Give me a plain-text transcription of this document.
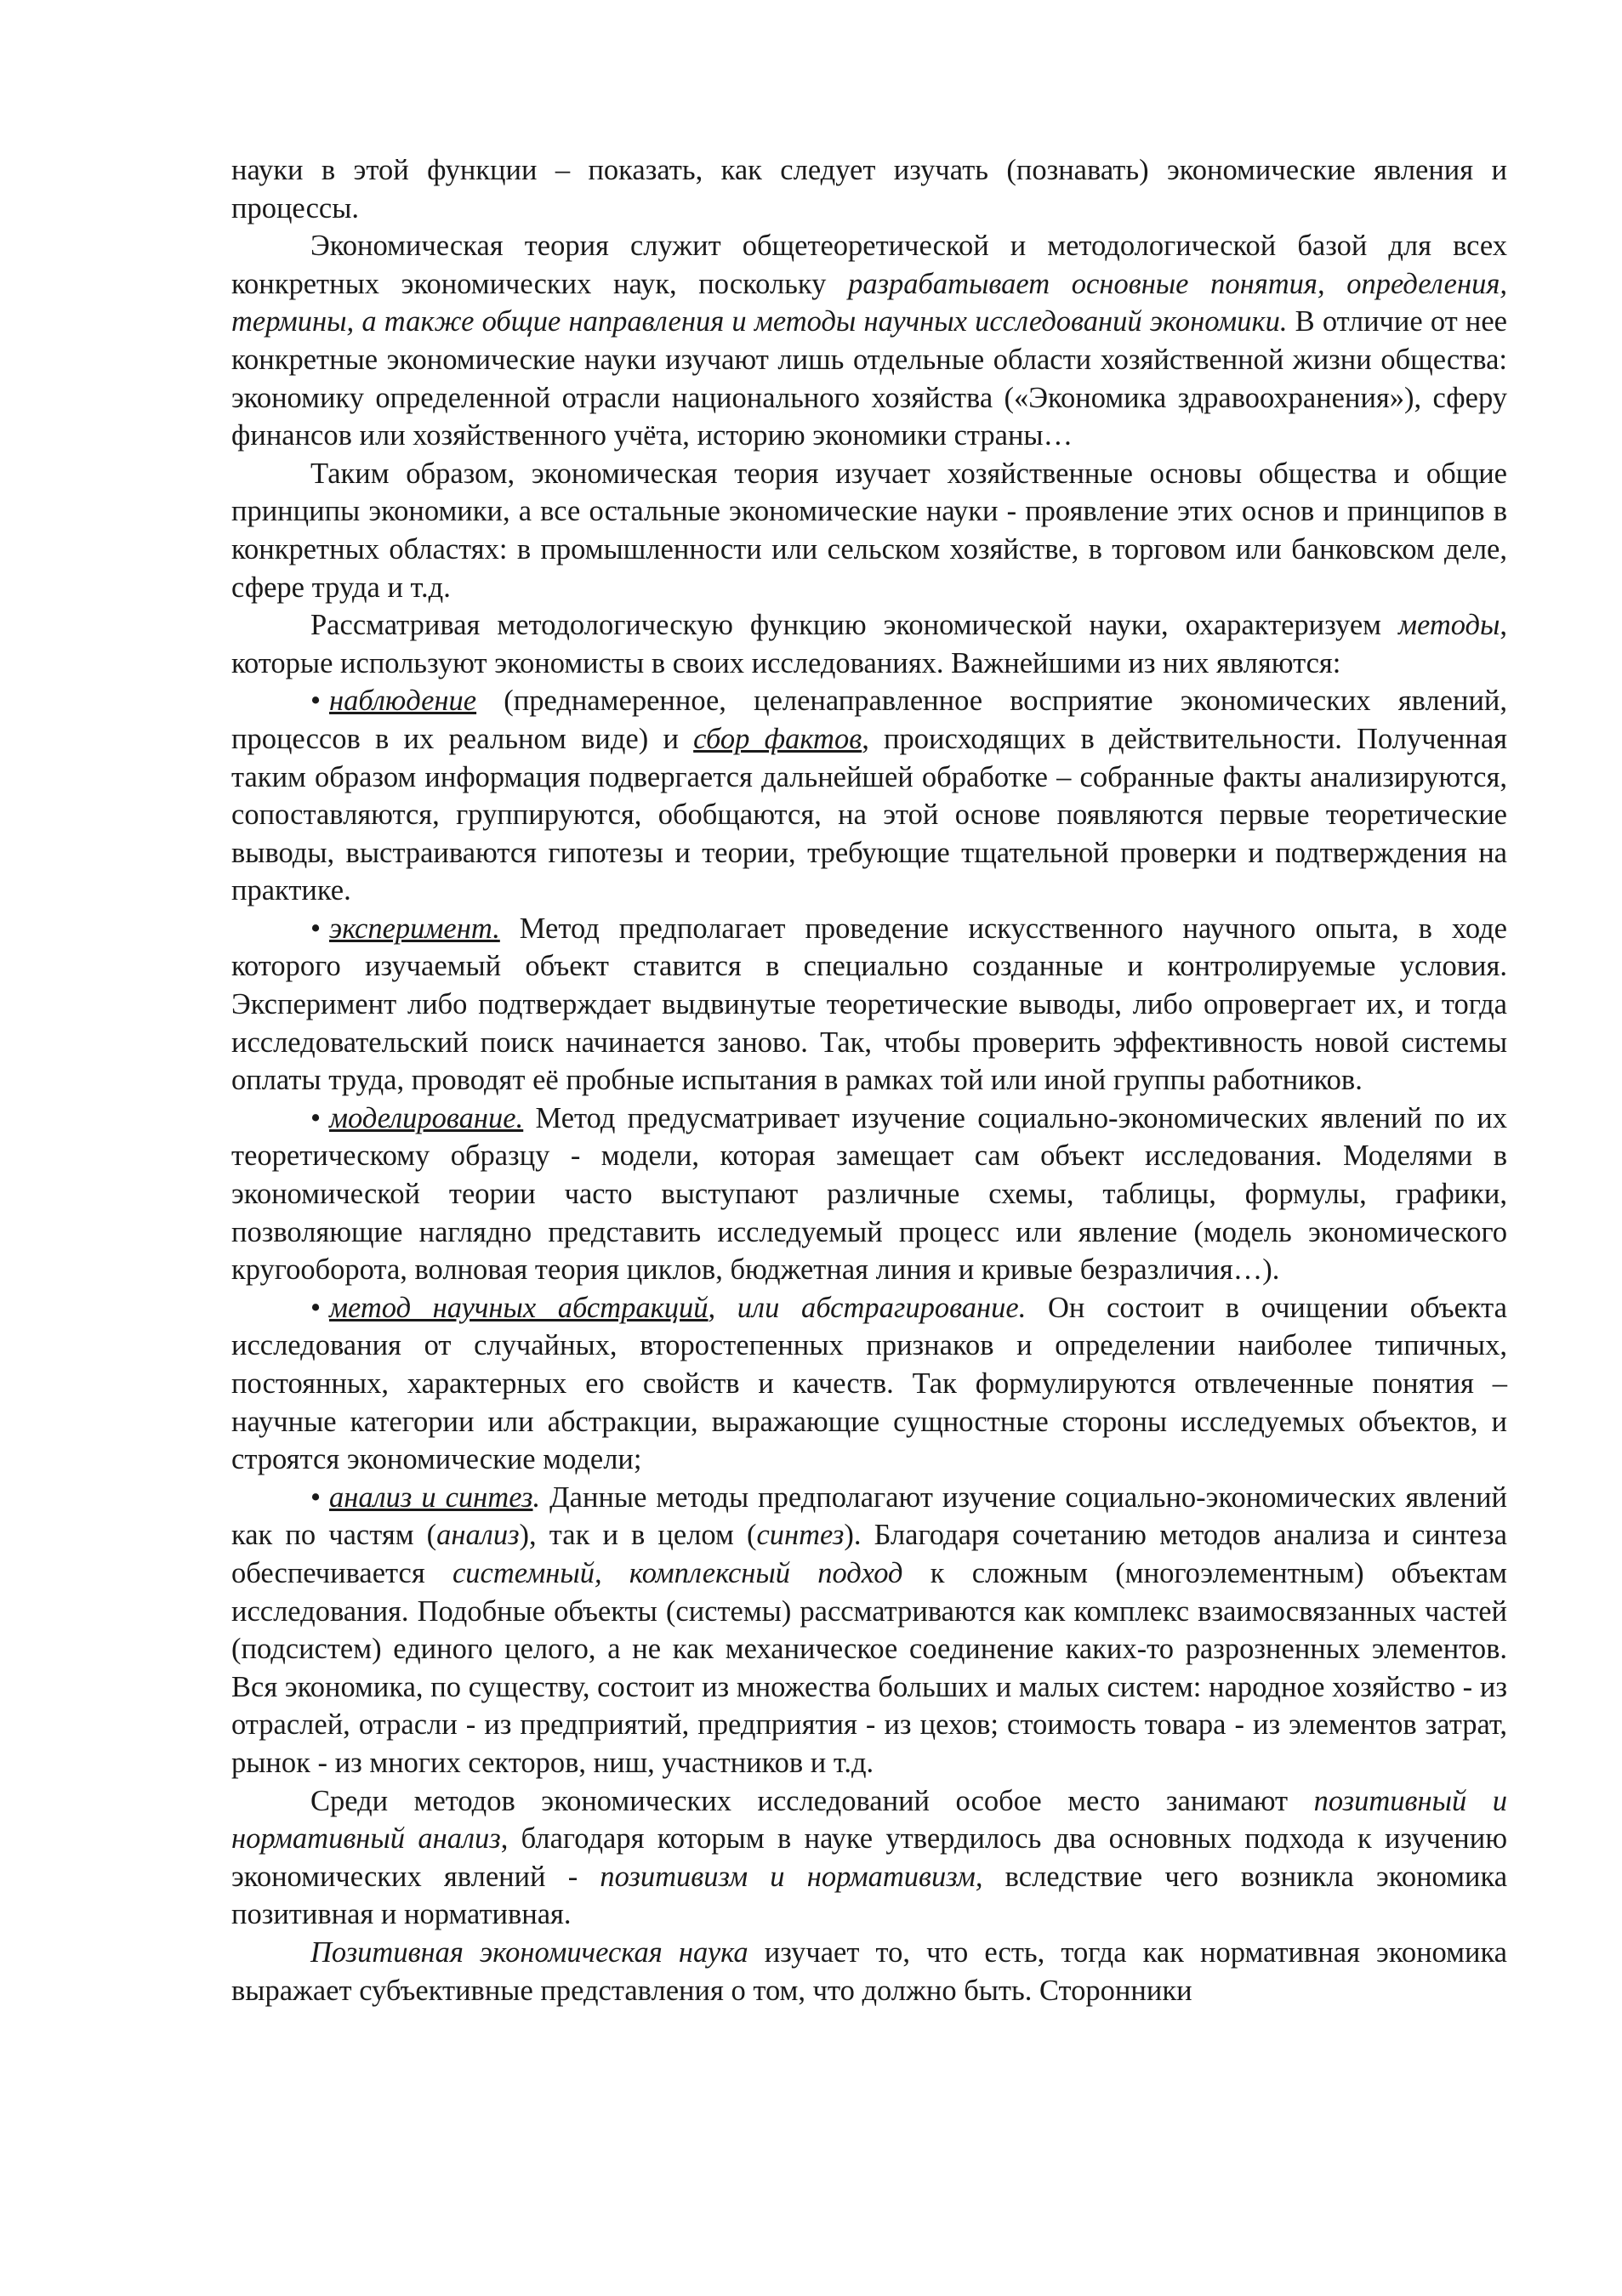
науки в этой функции – показать, как следует изучать (познавать) экономические явления и процессы.

Экономическая теория служит общетеоретической и методологической базой для всех конкретных экономических наук, поскольку разрабатывает основные понятия, определения, термины, а также общие направления и методы научных исследований экономики. В отличие от нее конкретные экономические науки изучают лишь отдельные области хозяйственной жизни общества: экономику определенной отрасли национального хозяйства («Экономика здравоохранения»), сферу финансов или хозяйственного учёта, историю экономики страны…

Таким образом, экономическая теория изучает хозяйственные основы общества и общие принципы экономики, а все остальные экономические науки - проявление этих основ и принципов в конкретных областях: в промышленности или сельском хозяйстве, в торговом или банковском деле, сфере труда и т.д.

Рассматривая методологическую функцию экономической науки, охарактеризуем методы, которые используют экономисты в своих исследованиях. Важнейшими из них являются:

• наблюдение (преднамеренное, целенаправленное восприятие экономических явлений, процессов в их реальном виде) и сбор фактов, происходящих в действительности. Полученная таким образом информация подвергается дальнейшей обработке – собранные факты анализируются, сопоставляются, группируются, обобщаются, на этой основе появляются первые теоретические выводы, выстраиваются гипотезы и теории, требующие тщательной проверки и подтверждения на практике.

• эксперимент. Метод предполагает проведение искусственного научного опыта, в ходе которого изучаемый объект ставится в специально созданные и контролируемые условия. Эксперимент либо подтверждает выдвинутые теоретические выводы, либо опровергает их, и тогда исследовательский поиск начинается заново. Так, чтобы проверить эффективность новой системы оплаты труда, проводят её пробные испытания в рамках той или иной группы работников.

• моделирование. Метод предусматривает изучение социально-экономических явлений по их теоретическому образцу - модели, которая замещает сам объект исследования. Моделями в экономической теории часто выступают различные схемы, таблицы, формулы, графики, позволяющие наглядно представить исследуемый процесс или явление (модель экономического кругооборота, волновая теория циклов, бюджетная линия и кривые безразличия…).

• метод научных абстракций, или абстрагирование. Он состоит в очищении объекта исследования от случайных, второстепенных признаков и определении наиболее типичных, постоянных, характерных его свойств и качеств. Так формулируются отвлеченные понятия – научные категории или абстракции, выражающие сущностные стороны исследуемых объектов, и строятся экономические модели;

• анализ и синтез. Данные методы предполагают изучение социально-экономических явлений как по частям (анализ), так и в целом (синтез). Благодаря сочетанию методов анализа и синтеза обеспечивается системный, комплексный подход к сложным (многоэлементным) объектам исследования. Подобные объекты (системы) рассматриваются как комплекс взаимосвязанных частей (подсистем) единого целого, а не как механическое соединение каких-то разрозненных элементов. Вся экономика, по существу, состоит из множества больших и малых систем: народное хозяйство - из отраслей, отрасли - из предприятий, предприятия - из цехов; стоимость товара - из элементов затрат, рынок - из многих секторов, ниш, участников и т.д.

Среди методов экономических исследований особое место занимают позитивный и нормативный анализ, благодаря которым в науке утвердилось два основных подхода к изучению экономических явлений - позитивизм и нормативизм, вследствие чего возникла экономика позитивная и нормативная.

Позитивная экономическая наука изучает то, что есть, тогда как нормативная экономика выражает субъективные представления о том, что должно быть. Сторонники
